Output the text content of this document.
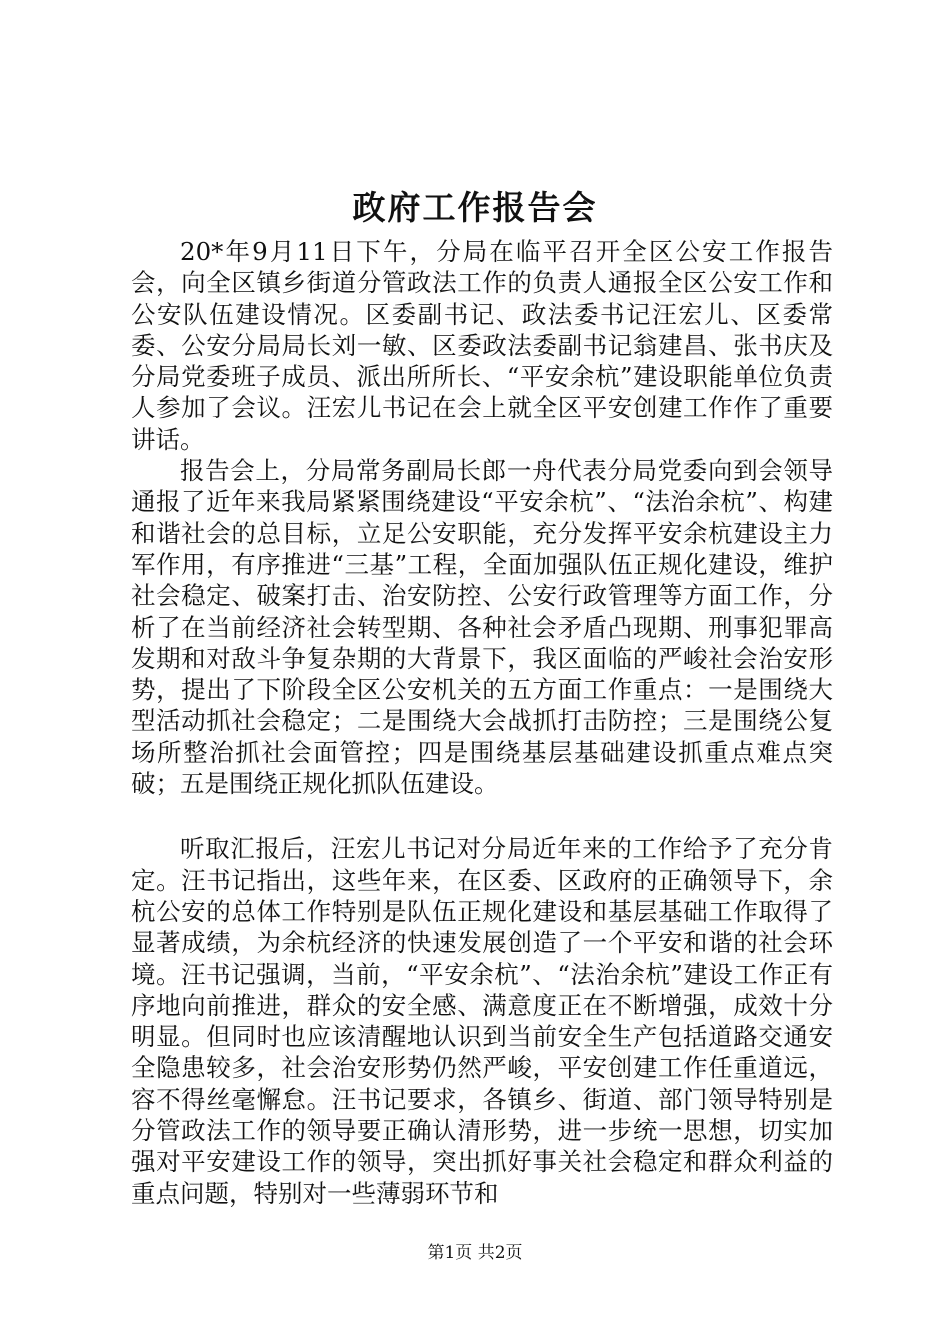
政府工作报告会

20*年9月11日下午，分局在临平召开全区公安工作报告会，向全区镇乡街道分管政法工作的负责人通报全区公安工作和公安队伍建设情况。区委副书记、政法委书记汪宏儿、区委常委、公安分局局长刘一敏、区委政法委副书记翁建昌、张书庆及分局党委班子成员、派出所所长、“平安余杭”建设职能单位负责人参加了会议。汪宏儿书记在会上就全区平安创建工作作了重要讲话。

报告会上，分局常务副局长郎一舟代表分局党委向到会领导通报了近年来我局紧紧围绕建设“平安余杭”、“法治余杭”、构建和谐社会的总目标，立足公安职能，充分发挥平安余杭建设主力军作用，有序推进“三基”工程，全面加强队伍正规化建设，维护社会稳定、破案打击、治安防控、公安行政管理等方面工作，分析了在当前经济社会转型期、各种社会矛盾凸现期、刑事犯罪高发期和对敌斗争复杂期的大背景下，我区面临的严峻社会治安形势，提出了下阶段全区公安机关的五方面工作重点：一是围绕大型活动抓社会稳定；二是围绕大会战抓打击防控；三是围绕公复场所整治抓社会面管控；四是围绕基层基础建设抓重点难点突破；五是围绕正规化抓队伍建设。

听取汇报后，汪宏儿书记对分局近年来的工作给予了充分肯定。汪书记指出，这些年来，在区委、区政府的正确领导下，余杭公安的总体工作特别是队伍正规化建设和基层基础工作取得了显著成绩，为余杭经济的快速发展创造了一个平安和谐的社会环境。汪书记强调，当前，“平安余杭”、“法治余杭”建设工作正有序地向前推进，群众的安全感、满意度正在不断增强，成效十分明显。但同时也应该清醒地认识到当前安全生产包括道路交通安全隐患较多，社会治安形势仍然严峻，平安创建工作任重道远，容不得丝毫懈怠。汪书记要求，各镇乡、街道、部门领导特别是分管政法工作的领导要正确认清形势，进一步统一思想，切实加强对平安建设工作的领导，突出抓好事关社会稳定和群众利益的重点问题，特别对一些薄弱环节和

第1页 共2页
